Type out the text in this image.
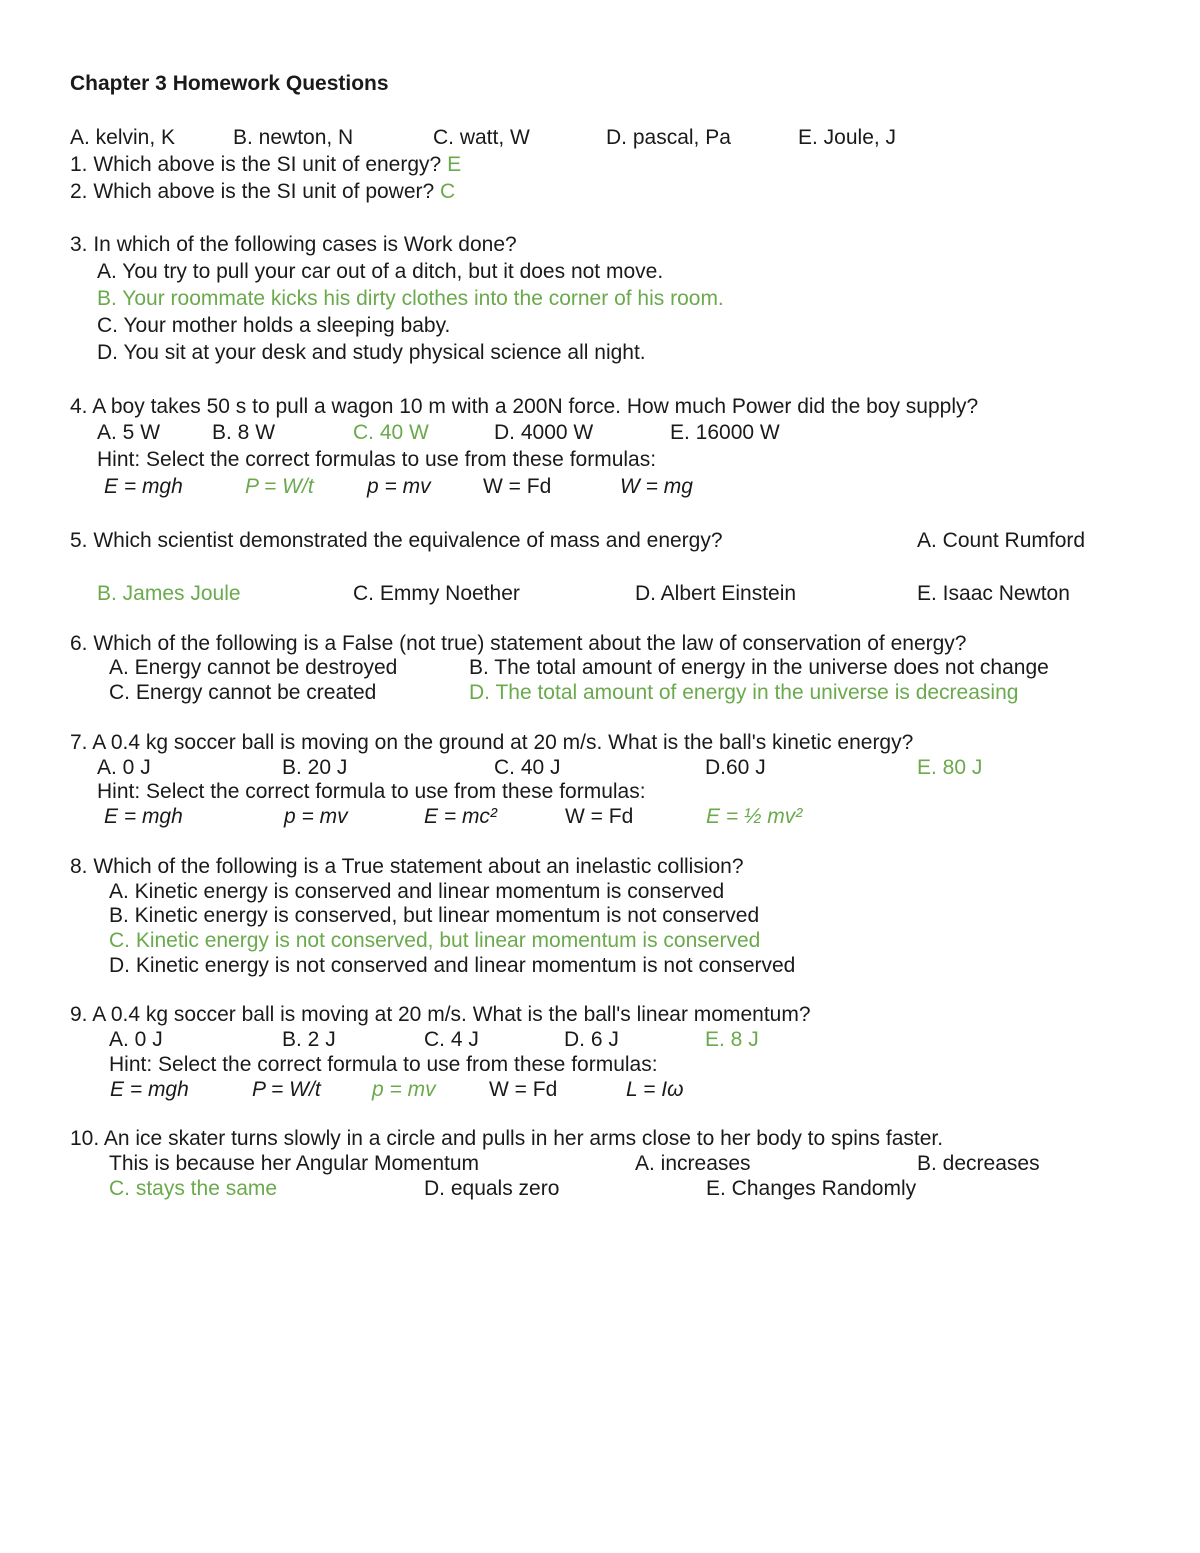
Chapter 3 Homework Questions
A. kelvin, K	B. newton, N	C. watt, W	D. pascal, Pa	E. Joule, J
1. Which above is the SI unit of energy? E
2. Which above is the SI unit of power? C
3. In which of the following cases is Work done?
A. You try to pull your car out of a ditch, but it does not move.
B. Your roommate kicks his dirty clothes into the corner of his room.
C. Your mother holds a sleeping baby.
D. You sit at your desk and study physical science all night.
4. A boy takes 50 s to pull a wagon 10 m with a 200N force. How much Power did the boy supply?
A. 5 W B. 8 W	C. 40 W	D. 4000 W	E. 16000 W
Hint: Select the correct formulas to use from these formulas:
E = mgh	P = W/t	p = mv W = Fd	W = mg
5. Which scientist demonstrated the equivalence of mass and energy?	A. Count Rumford
B. James Joule	C. Emmy Noether	D. Albert Einstein	E. Isaac Newton
6. Which of the following is a False (not true) statement about the law of conservation of energy?
A. Energy cannot be destroyed	B. The total amount of energy in the universe does not change
C. Energy cannot be created	D. The total amount of energy in the universe is decreasing
7. A 0.4 kg soccer ball is moving on the ground at 20 m/s. What is the ball's kinetic energy?
A. 0 J	B. 20 J	C. 40 J	D.60 J	E. 80 J
Hint: Select the correct formula to use from these formulas:
E = mgh	p = mv	E = mc²	W = Fd	E = ½ mv²
8. Which of the following is a True statement about an inelastic collision?
A. Kinetic energy is conserved and linear momentum is conserved
B. Kinetic energy is conserved, but linear momentum is not conserved
C. Kinetic energy is not conserved, but linear momentum is conserved
D. Kinetic energy is not conserved and linear momentum is not conserved
9. A 0.4 kg soccer ball is moving at 20 m/s. What is the ball's linear momentum?
A. 0 J	B. 2 J	C. 4 J	D. 6 J	E. 8 J
Hint: Select the correct formula to use from these formulas:
E = mgh	P = W/t p = mv	W = Fd	L = Iω
10. An ice skater turns slowly in a circle and pulls in her arms close to her body to spins faster.
This is because her Angular Momentum	A. increases	B. decreases
C. stays the same	D. equals zero	E. Changes Randomly
